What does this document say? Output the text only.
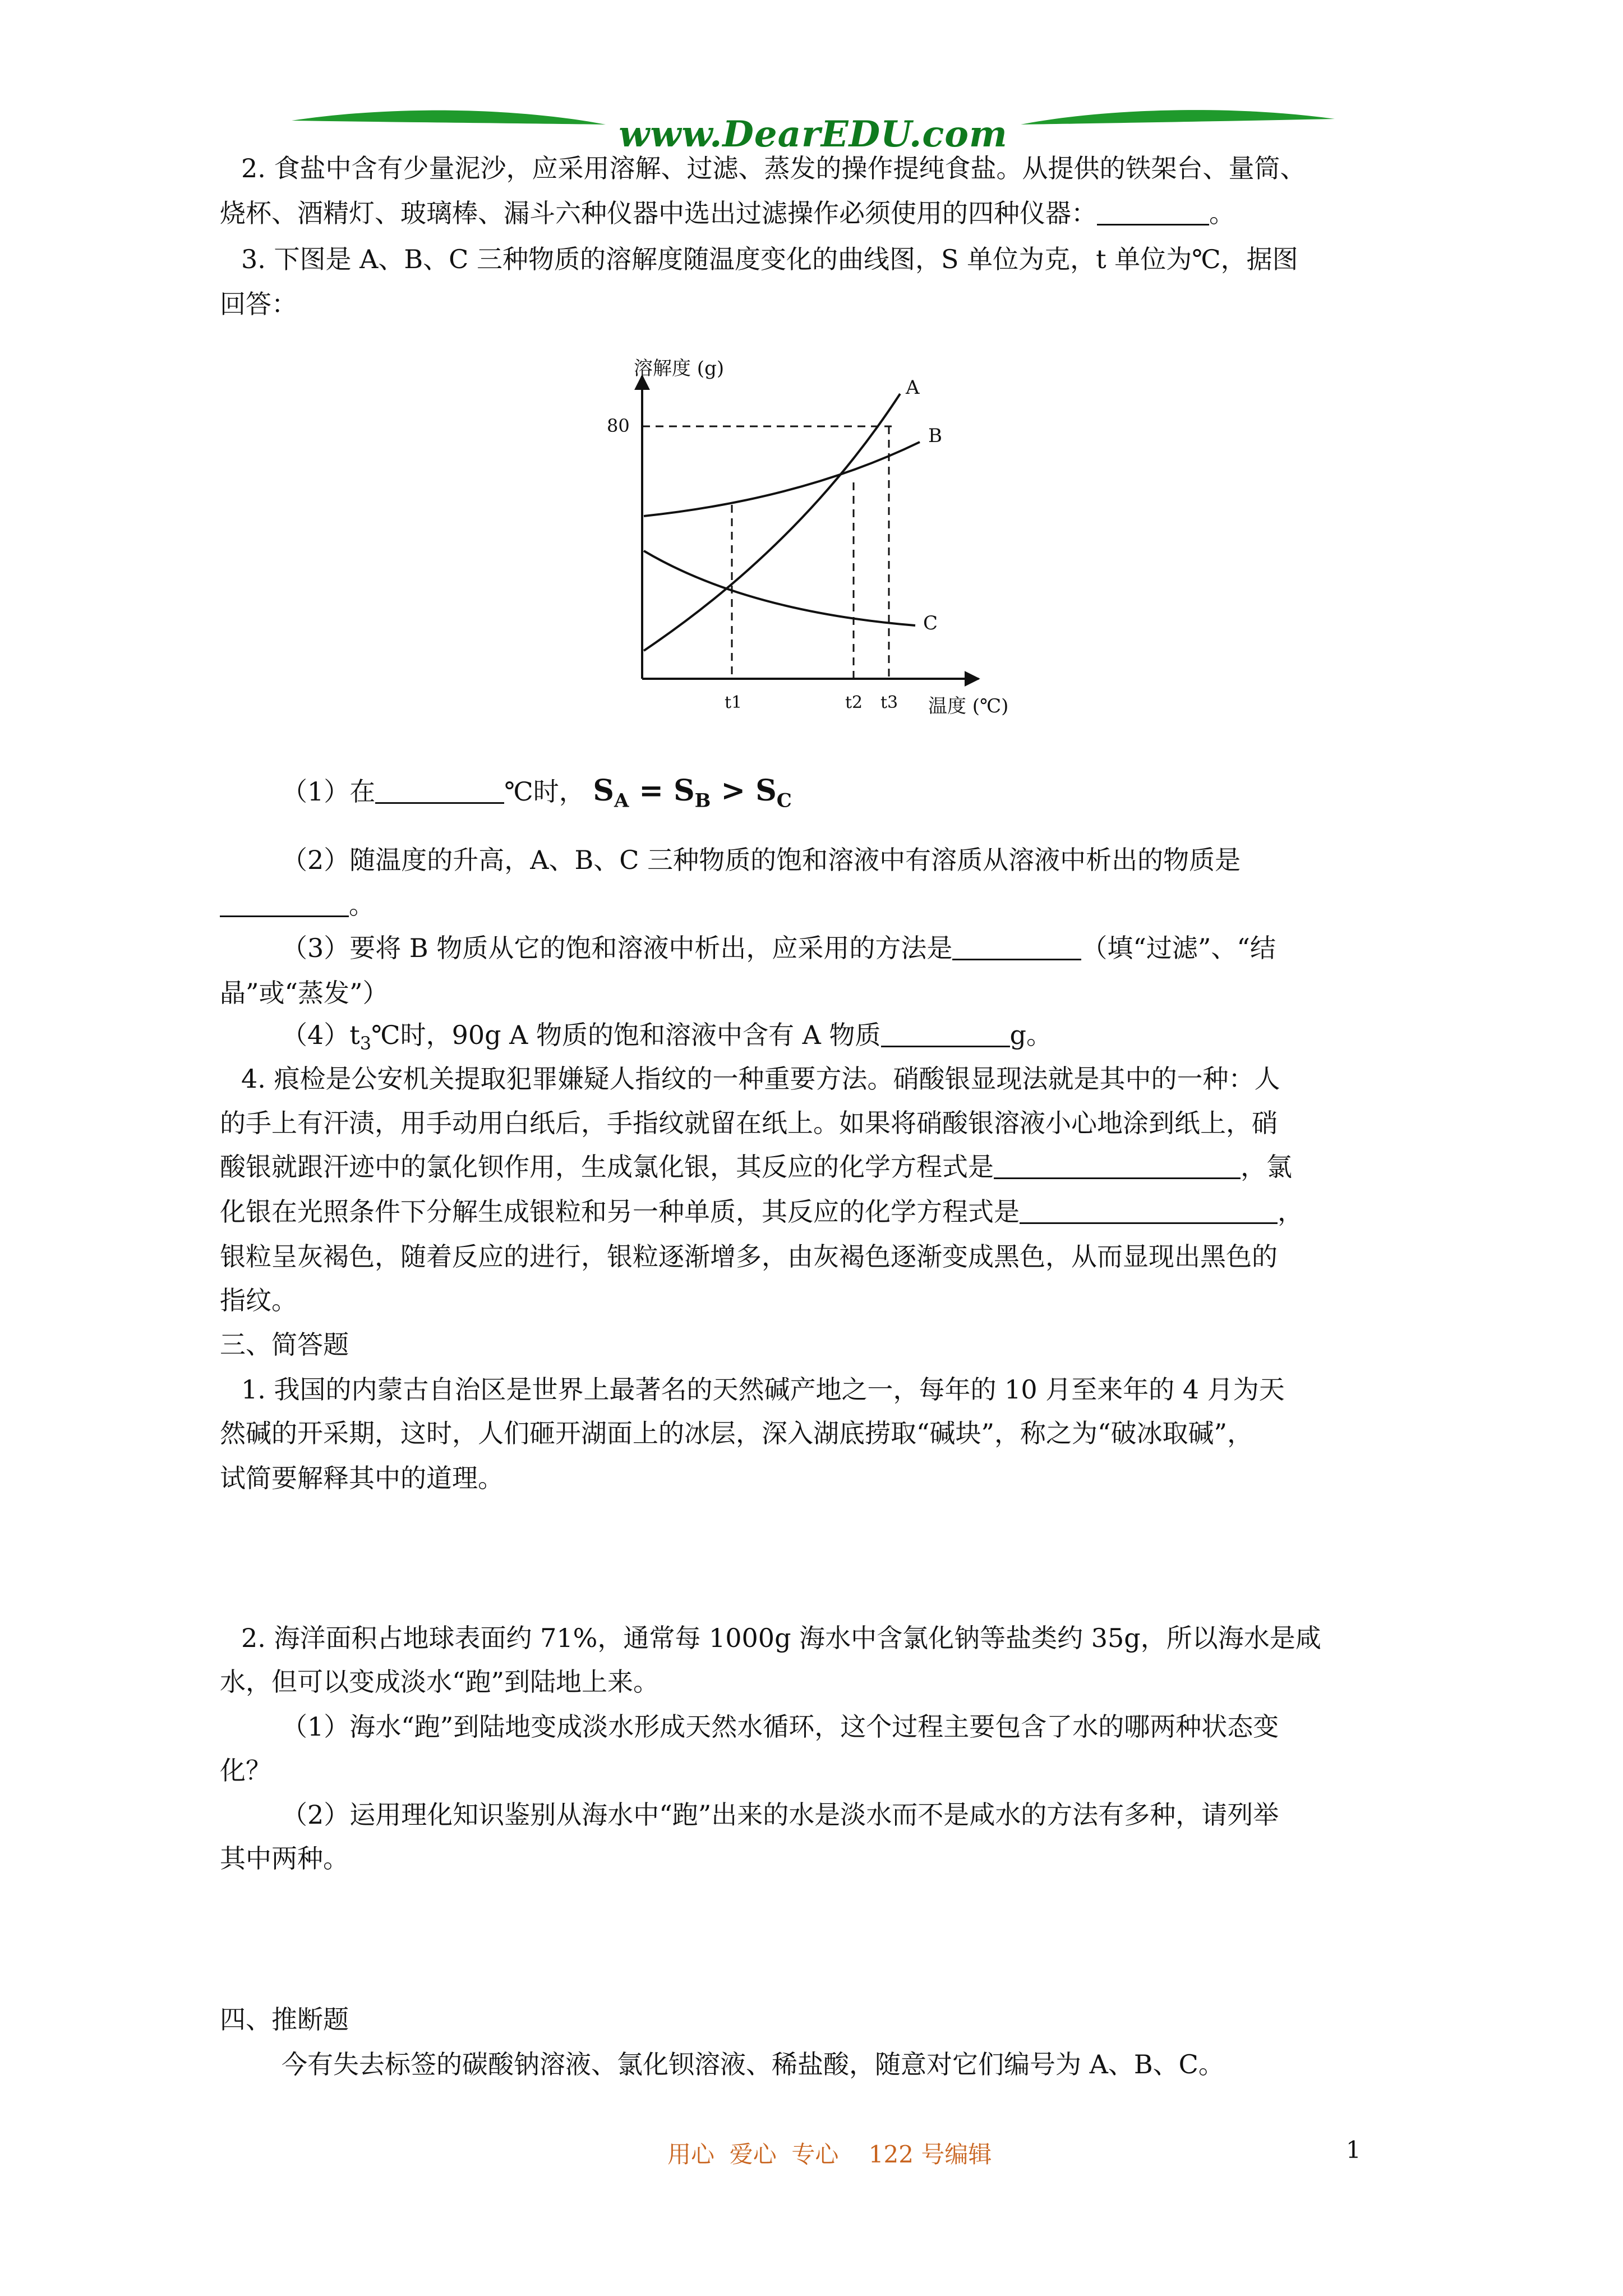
www.DearEDU.com
2. 食盐中含有少量泥沙，应采用溶解、过滤、蒸发的操作提纯食盐。从提供的铁架台、量筒、
烧杯、酒精灯、玻璃棒、漏斗六种仪器中选出过滤操作必须使用的四种仪器：	。
3. 下图是 A、B、C 三种物质的溶解度随温度变化的曲线图，S 单位为克，t 单位为℃，据图
回答：
溶解度 (g)
温度 (℃)
80
A
B
C
t1	t2 t3
（1）在	℃时， $S_A = S_B > S_C$
（2）随温度的升高，A、B、C 三种物质的饱和溶液中有溶质从溶液中析出的物质是
。
（3）要将 B 物质从它的饱和溶液中析出，应采用的方法是	（填“过滤”、“结
晶”或“蒸发”）
$(4)t_3℃$时，90g A 物质的饱和溶液中含有 A 物质	g。
4. 痕检是公安机关提取犯罪嫌疑人指纹的一种重要方法。硝酸银显现法就是其中的一种：人
的手上有汗渍，用手动用白纸后，手指纹就留在纸上。如果将硝酸银溶液小心地涂到纸上，硝
酸银就跟汗迹中的氯化钡作用，生成氯化银，其反应的化学方程式是	，氯
化银在光照条件下分解生成银粒和另一种单质，其反应的化学方程式是	，
银粒呈灰褐色，随着反应的进行，银粒逐渐增多，由灰褐色逐渐变成黑色，从而显现出黑色的
指纹。
三、简答题
1. 我国的内蒙古自治区是世界上最著名的天然碱产地之一，每年的 10 月至来年的 4 月为天
然碱的开采期，这时，人们砸开湖面上的冰层，深入湖底捞取“碱块”，称之为“破冰取碱”，
试简要解释其中的道理。
2. 海洋面积占地球表面约 71%，通常每 1000g 海水中含氯化钠等盐类约 35g，所以海水是咸
水，但可以变成淡水“跑”到陆地上来。
（1）海水“跑”到陆地变成淡水形成天然水循环，这个过程主要包含了水的哪两种状态变
化？
（2）运用理化知识鉴别从海水中“跑”出来的水是淡水而不是咸水的方法有多种，请列举
其中两种。
四、推断题
今有失去标签的碳酸钠溶液、氯化钡溶液、稀盐酸，随意对它们编号为 A、B、C。
用心  爱心  专心    122 号编辑	1
